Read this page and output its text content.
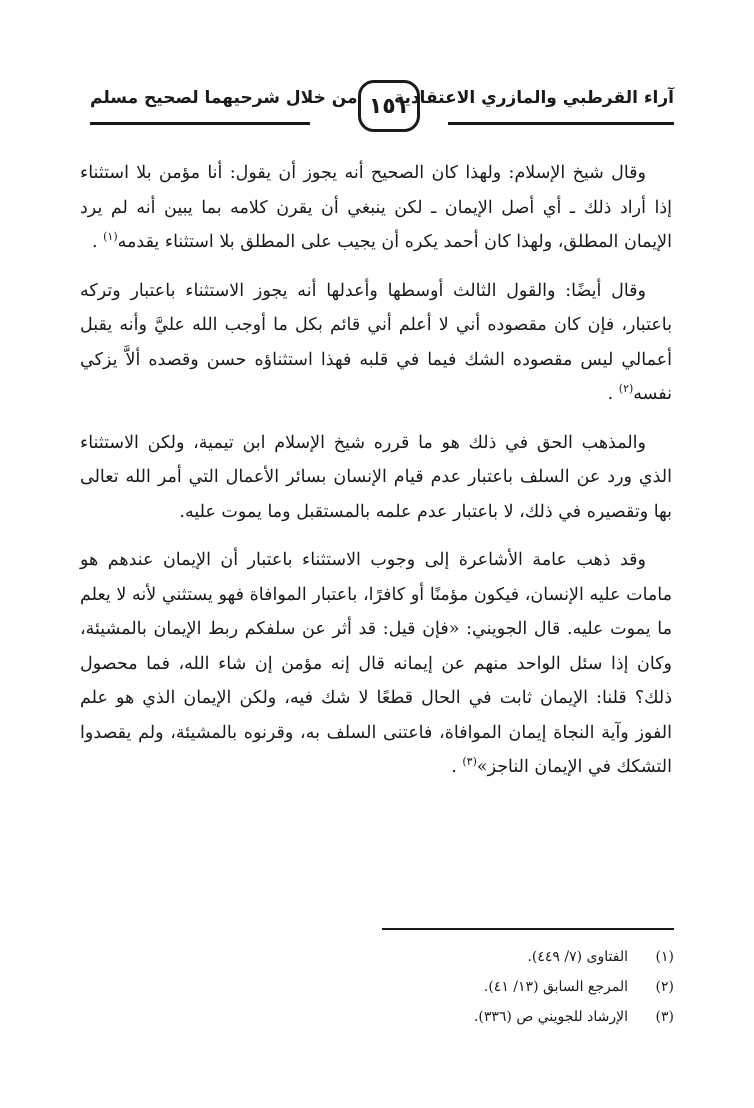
آراء القرطبي والمازري الاعتقادية
١٥١
من خلال شرحيهما لصحيح مسلم

وقال شيخ الإسلام: ولهذا كان الصحيح أنه يجوز أن يقول: أنا مؤمن بلا استثناء إذا أراد ذلك ـ أي أصل الإيمان ـ لكن ينبغي أن يقرن كلامه بما يبين أنه لم يرد الإيمان المطلق، ولهذا كان أحمد يكره أن يجيب على المطلق بلا استثناء يقدمه$^{(١)}$ .

وقال أيضًا: والقول الثالث أوسطها وأعدلها أنه يجوز الاستثناء باعتبار وتركه باعتبار، فإن كان مقصوده أني لا أعلم أني قائم بكل ما أوجب الله عليَّ وأنه يقبل أعمالي ليس مقصوده الشك فيما في قلبه فهذا استثناؤه حسن وقصده ألاَّ يزكي نفسه$^{(٢)}$ .

والمذهب الحق في ذلك هو ما قرره شيخ الإسلام ابن تيمية، ولكن الاستثناء الذي ورد عن السلف باعتبار عدم قيام الإنسان بسائر الأعمال التي أمر الله تعالى بها وتقصيره في ذلك، لا باعتبار عدم علمه بالمستقبل وما يموت عليه.

وقد ذهب عامة الأشاعرة إلى وجوب الاستثناء باعتبار أن الإيمان عندهم هو مامات عليه الإنسان، فيكون مؤمنًا أو كافرًا، باعتبار الموافاة فهو يستثني لأنه لا يعلم ما يموت عليه. قال الجويني: «فإن قيل: قد أثر عن سلفكم ربط الإيمان بالمشيئة، وكان إذا سئل الواحد منهم عن إيمانه قال إنه مؤمن إن شاء الله، فما محصول ذلك؟ قلنا: الإيمان ثابت في الحال قطعًا لا شك فيه، ولكن الإيمان الذي هو علم الفوز وآية النجاة إيمان الموافاة، فاعتنى السلف به، وقرنوه بالمشيئة، ولم يقصدوا التشكك في الإيمان الناجز»$^{(٣)}$ .

(١)
الفتاوى (٧/ ٤٤٩).
(٢)
المرجع السابق (١٣/ ٤١).
(٣)
الإرشاد للجويني ص (٣٣٦).
